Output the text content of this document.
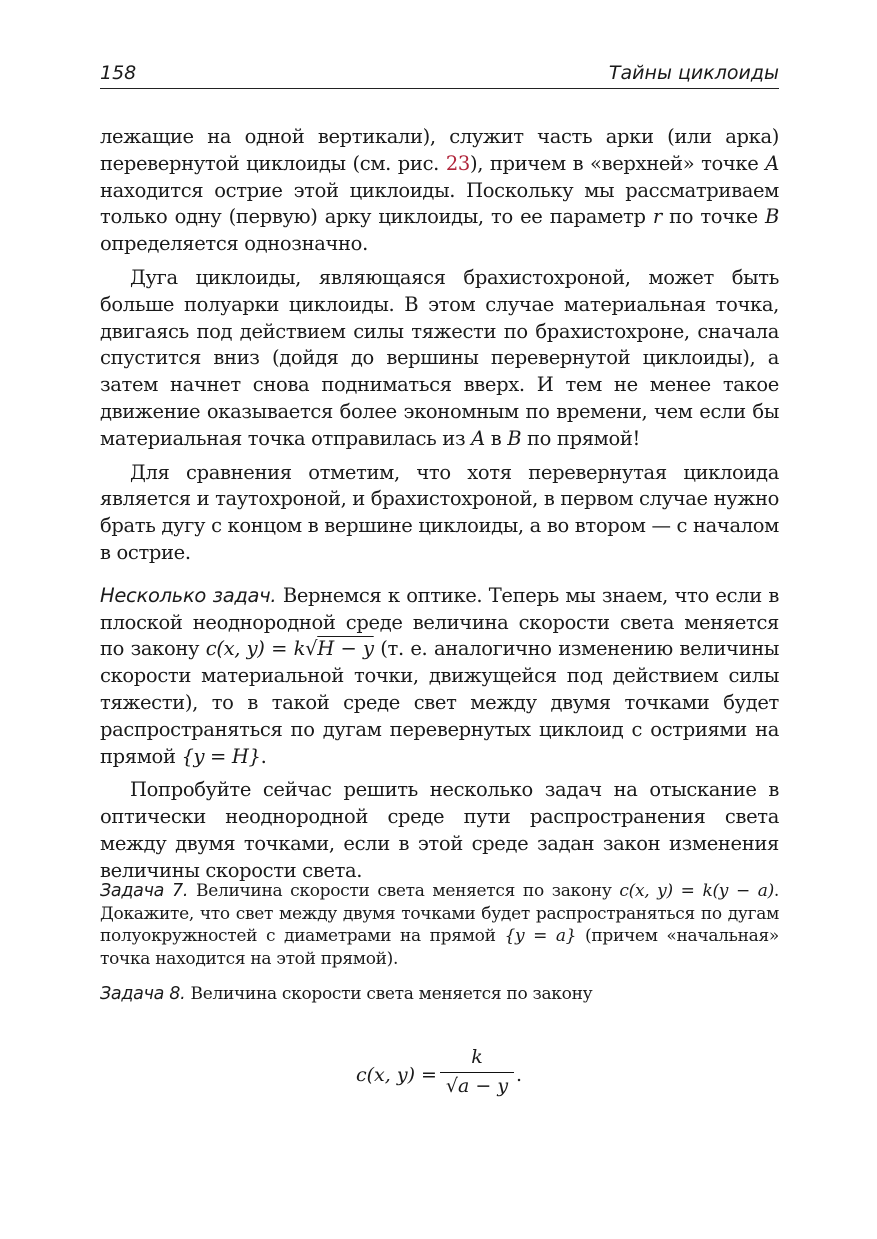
158	Тайны циклоиды

лежащие на одной вертикали), служит часть арки (или арка) перевернутой циклоиды (см. рис. 23), причем в «верхней» точке A находится острие этой циклоиды. Поскольку мы рассматриваем только одну (первую) арку циклоиды, то ее параметр r по точке B определяется однозначно.

Дуга циклоиды, являющаяся брахистохроной, может быть больше полуарки циклоиды. В этом случае материальная точка, двигаясь под действием силы тяжести по брахистохроне, сначала спустится вниз (дойдя до вершины перевернутой циклоиды), а затем начнет снова подниматься вверх. И тем не менее такое движение оказывается более экономным по времени, чем если бы материальная точка отправилась из A в B по прямой!

Для сравнения отметим, что хотя перевернутая циклоида является и таутохроной, и брахистохроной, в первом случае нужно брать дугу с концом в вершине циклоиды, а во втором — с началом в острие.

Несколько задач. Вернемся к оптике. Теперь мы знаем, что если в плоской неоднородной среде величина скорости света меняется по закону c(x, y) = k√H − y (т. е. аналогично изменению величины скорости материальной точки, движущейся под действием силы тяжести), то в такой среде свет между двумя точками будет распространяться по дугам перевернутых циклоид с остриями на прямой {y = H}.

Попробуйте сейчас решить несколько задач на отыскание в оптически неоднородной среде пути распространения света между двумя точками, если в этой среде задан закон изменения величины скорости света.

Задача 7. Величина скорости света меняется по закону c(x, y) = k(y − a). Докажите, что свет между двумя точками будет распространяться по дугам полуокружностей с диаметрами на прямой {y = a} (причем «начальная» точка находится на этой прямой).

Задача 8. Величина скорости света меняется по закону

c(x, y) =
k
√a − y .
